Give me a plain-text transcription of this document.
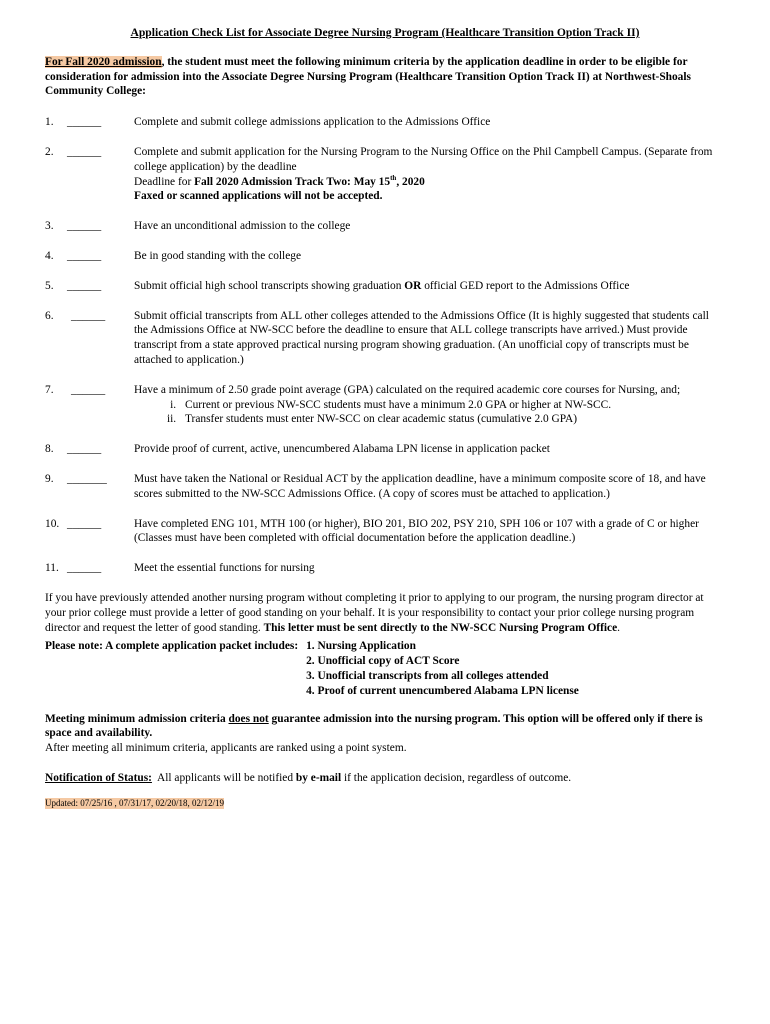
Application Check List for Associate Degree Nursing Program (Healthcare Transition Option Track II)

For Fall 2020 admission, the student must meet the following minimum criteria by the application deadline in order to be eligible for consideration for admission into the Associate Degree Nursing Program (Healthcare Transition Option Track II) at Northwest-Shoals Community College:

1.	______	Complete and submit college admissions application to the Admissions Office
2.	______	Complete and submit application for the Nursing Program to the Nursing Office on the Phil Campbell Campus. (Separate from college application) by the deadline
Deadline for Fall 2020 Admission Track Two: May 15th, 2020
Faxed or scanned applications will not be accepted.
3.	______	Have an unconditional admission to the college
4.	______	Be in good standing with the college
5.	______	Submit official high school transcripts showing graduation OR official GED report to the Admissions Office
6.	______	Submit official transcripts from ALL other colleges attended to the Admissions Office (It is highly suggested that students call the Admissions Office at NW-SCC before the deadline to ensure that ALL college transcripts have arrived.) Must provide transcript from a state approved practical nursing program showing graduation. (An unofficial copy of transcripts must be attached to application.)
7.	______	Have a minimum of 2.50 grade point average (GPA) calculated on the required academic core courses for Nursing, and;
i. Current or previous NW-SCC students must have a minimum 2.0 GPA or higher at NW-SCC.
ii. Transfer students must enter NW-SCC on clear academic status (cumulative 2.0 GPA)
8.	______	Provide proof of current, active, unencumbered Alabama LPN license in application packet
9.	_______	Must have taken the National or Residual ACT by the application deadline, have a minimum composite score of 18, and have scores submitted to the NW-SCC Admissions Office. (A copy of scores must be attached to application.)
10. ______	Have completed ENG 101, MTH 100 (or higher), BIO 201, BIO 202, PSY 210, SPH 106 or 107 with a grade of C or higher (Classes must have been completed with official documentation before the application deadline.)
11. ______	Meet the essential functions for nursing

If you have previously attended another nursing program without completing it prior to applying to our program, the nursing program director at your prior college must provide a letter of good standing on your behalf. It is your responsibility to contact your prior college nursing program director and request the letter of good standing. This letter must be sent directly to the NW-SCC Nursing Program Office.

Please note: A complete application packet includes: 1. Nursing Application
2. Unofficial copy of ACT Score
3. Unofficial transcripts from all colleges attended
4. Proof of current unencumbered Alabama LPN license
Meeting minimum admission criteria does not guarantee admission into the nursing program. This option will be offered only if there is space and availability.
After meeting all minimum criteria, applicants are ranked using a point system.
Notification of Status:  All applicants will be notified by e-mail if the application decision, regardless of outcome.
Updated: 07/25/16 , 07/31/17, 02/20/18, 02/12/19
